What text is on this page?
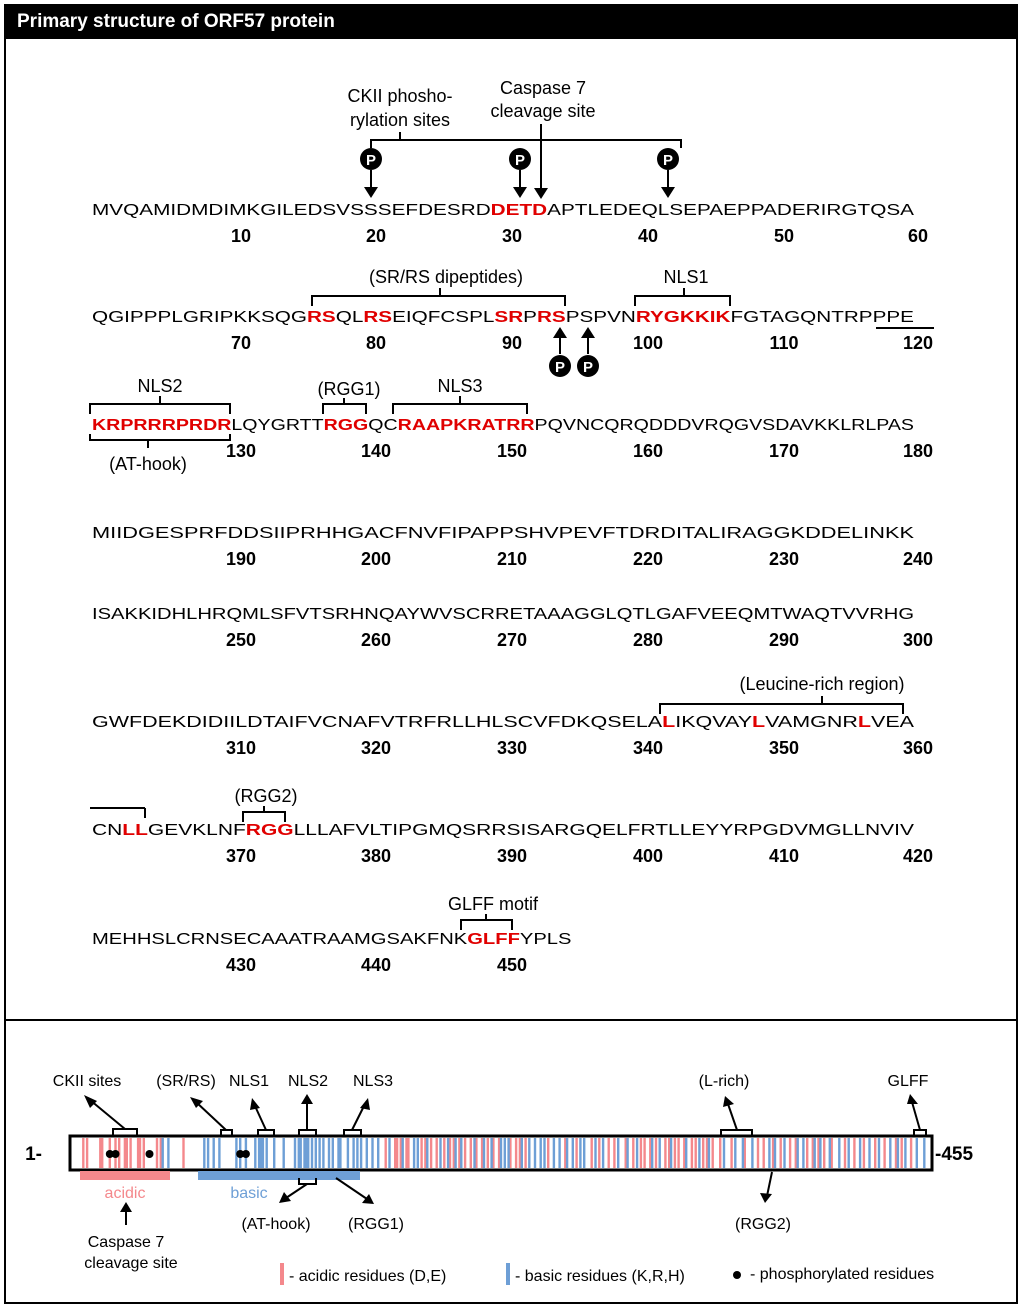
Primary structure of ORF57 protein
MVQAMIDMDIMKGILEDSVSSSEFDESRD	DETD APTLEDEQLSEPAEPPADERIRGTQSA
10	20	30	40	50	60
QGIPPPLGRIPKKSQG	RS QL RS EIQFCSPL SR P RS PSPVN RYGKKIK FGTAGQNTRPPPE
70	80	90	100	110	120
KRPRRRPRDR LQYGRTT RGG QC RAAPKRATRR PQVNCQRQDDDVRQGVSDAVKKLRLPAS
130	140	150	160	170	180
MIIDGESPRFDDSIIPRHHGACFNVFIPAPPSHVPEVFTDRDITALIRAGGKDDELINKK
190	200	210	220	230	240
ISAKKIDHLHRQMLSFVTSRHNQAYWVSCRRETAAAGGLQTLGAFVEEQMTWAQTVVRHG
250	260	270	280	290	300
GWFDEKDIDIILDTAIFVCNAFVTRFRLLHLSCVFDKQSELA	L IKQVAY L VAMGNR L VEA
310	320	330	340	350	360
CN LL GEVKLNF RGG LLLAFVLTIPGMQSRRSISARGQELFRTLLEYYRPGDVMGLLNVIV
370	380	390	400	410	420
MEHHSLCRNSECAAATRAAMGSAKFNK	GLFF YPLS
430	440	450
P	P	P
P P
CKII phosho-
rylation sites
Caspase 7
cleavage site
(SR/RS dipeptides)	NLS1
NLS2
(AT-hook)
(RGG1)	NLS3
(Leucine-rich region)
(RGG2)
GLFF motif
1-	-455
acidic	basic
CKII sites (SR/RS) NLS1 NLS2 NLS3	(L-rich)	GLFF
(AT-hook) (RGG1)	(RGG2)
Caspase 7
cleavage site
- acidic residues (D,E)	- basic residues (K,R,H)	- phosphorylated residues
